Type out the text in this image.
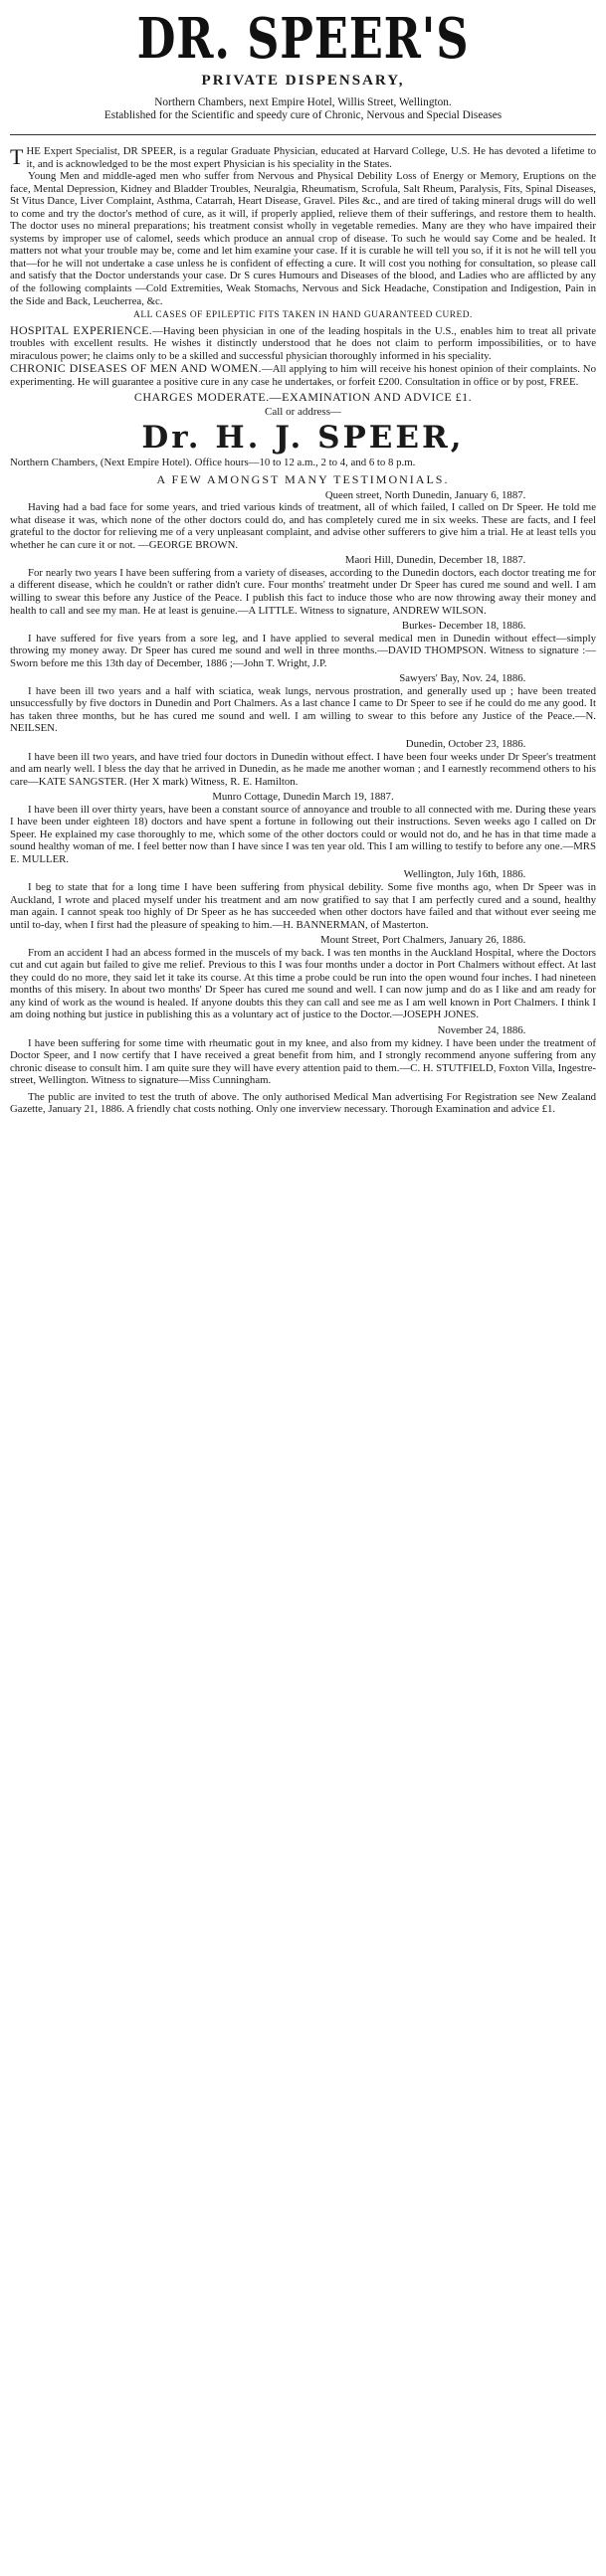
DR. SPEER'S
PRIVATE DISPENSARY,
Northern Chambers, next Empire Hotel, Willis Street, Wellington.
Established for the Scientific and speedy cure of Chronic, Nervous and Special Diseases

THE Expert Specialist, DR SPEER, is a regular Graduate Physician, educated at Harvard College, U.S. He has devoted a lifetime to it, and is acknowledged to be the most expert Physician is his speciality in the States.

Young Men and middle-aged men who suffer from Nervous and Physical Debility Loss of Energy or Memory, Eruptions on the face, Mental Depression, Kidney and Bladder Troubles, Neuralgia, Rheumatism, Scrofula, Salt Rheum, Paralysis, Fits, Spinal Diseases, St Vitus Dance, Liver Complaint, Asthma, Catarrah, Heart Disease, Gravel. Piles &c., and are tired of taking mineral drugs will do well to come and try the doctor's method of cure, as it will, if properly applied, relieve them of their sufferings, and restore them to health. The doctor uses no mineral preparations; his treatment consist wholly in vegetable remedies. Many are they who have impaired their systems by improper use of calomel, seeds which produce an annual crop of disease. To such he would say Come and be healed. It matters not what your trouble may be, come and let him examine your case. If it is curable he will tell you so, if it is not he will tell you that—for he will not undertake a case unless he is confident of effecting a cure. It will cost you nothing for consultation, so please call and satisfy that the Doctor understands your case. Dr S cures Humours and Diseases of the blood, and Ladies who are afflicted by any of the following complaints —Cold Extremities, Weak Stomachs, Nervous and Sick Headache, Constipation and Indigestion, Pain in the Side and Back, Leucherrea, &c.

ALL CASES OF EPILEPTIC FITS TAKEN IN HAND GUARANTEED CURED.

HOSPITAL EXPERIENCE.—Having been physician in one of the leading hospitals in the U.S., enables him to treat all private troubles with excellent results. He wishes it distinctly understood that he does not claim to perform impossibilities, or to have miraculous power; he claims only to be a skilled and successful physician thoroughly informed in his speciality.

CHRONIC DISEASES OF MEN AND WOMEN.—All applying to him will receive his honest opinion of their complaints. No experimenting. He will guarantee a positive cure in any case he undertakes, or forfeit £200. Consultation in office or by post, FREE.

CHARGES MODERATE.—EXAMINATION AND ADVICE £1.

Call or address—

Dr. H. J. SPEER,

Northern Chambers, (Next Empire Hotel). Office hours—10 to 12 a.m., 2 to 4, and 6 to 8 p.m.

A FEW AMONGST MANY TESTIMONIALS.

Queen street, North Dunedin, January 6, 1887.

Having had a bad face for some years, and tried various kinds of treatment, all of which failed, I called on Dr Speer. He told me what disease it was, which none of the other doctors could do, and has completely cured me in six weeks. These are facts, and I feel grateful to the doctor for relieving me of a very unpleasant complaint, and advise other sufferers to give him a trial. He at least tells you whether he can cure it or not. —GEORGE BROWN.

Maori Hill, Dunedin, December 18, 1887.

For nearly two years I have been suffering from a variety of diseases, according to the Dunedin doctors, each doctor treating me for a different disease, which he couldn't or rather didn't cure. Four months' treatmeht under Dr Speer has cured me sound and well. I am willing to swear this before any Justice of the Peace. I publish this fact to induce those who are now throwing away their money and health to call and see my man. He at least is genuine.—A LITTLE. Witness to signature, ANDREW WILSON.

Burkes- December 18, 1886.

I have suffered for five years from a sore leg, and I have applied to several medical men in Dunedin without effect—simply throwing my money away. Dr Speer has cured me sound and well in three months.—DAVID THOMPSON. Witness to signature :—Sworn before me this 13th day of December, 1886 ;—John T. Wright, J.P.

Sawyers' Bay, Nov. 24, 1886.

I have been ill two years and a half with sciatica, weak lungs, nervous prostration, and generally used up ; have been treated unsuccessfully by five doctors in Dunedin and Port Chalmers. As a last chance I came to Dr Speer to see if he could do me any good. It has taken three months, but he has cured me sound and well. I am willing to swear to this before any Justice of the Peace.—N. NEILSEN.

Dunedin, October 23, 1886.

I have been ill two years, and have tried four doctors in Dunedin without effect. I have been four weeks under Dr Speer's treatment and am nearly well. I bless the day that he arrived in Dunedin, as he made me another woman ; and I earnestly recommend others to his care—KATE SANGSTER. (Her X mark) Witness, R. E. Hamilton.

Munro Cottage, Dunedin March 19, 1887.

I have been ill over thirty years, have been a constant source of annoyance and trouble to all connected with me. During these years I have been under eighteen 18) doctors and have spent a fortune in following out their instructions. Seven weeks ago I called on Dr Speer. He explained my case thoroughly to me, which some of the other doctors could or would not do, and he has in that time made a sound healthy woman of me. I feel better now than I have since I was ten year old. This I am willing to testify to before any one.—MRS E. MULLER.

Wellington, July 16th, 1886.

I beg to state that for a long time I have been suffering from physical debility. Some five months ago, when Dr Speer was in Auckland, I wrote and placed myself under his treatment and am now gratified to say that I am perfectly cured and a sound, healthy man again. I cannot speak too highly of Dr Speer as he has succeeded when other doctors have failed and that without ever seeing me until to-day, when I first had the pleasure of speaking to him.—H. BANNERMAN, of Masterton.

Mount Street, Port Chalmers, January 26, 1886.

From an accident I had an abcess formed in the muscels of my back. I was ten months in the Auckland Hospital, where the Doctors cut and cut again but failed to give me relief. Previous to this I was four months under a doctor in Port Chalmers without effect. At last they could do no more, they said let it take its course. At this time a probe could be run into the open wound four inches. I had nineteen months of this misery. In about two months' Dr Speer has cured me sound and well. I can now jump and do as I like and am ready for any kind of work as the wound is healed. If anyone doubts this they can call and see me as I am well known in Port Chalmers. I think I am doing nothing but justice in publishing this as a voluntary act of justice to the Doctor.—JOSEPH JONES.

November 24, 1886.

I have been suffering for some time with rheumatic gout in my knee, and also from my kidney. I have been under the treatment of Doctor Speer, and I now certify that I have received a great benefit from him, and I strongly recommend anyone suffering from any chronic disease to consult him. I am quite sure they will have every attention paid to them.—C. H. STUTFIELD, Foxton Villa, Ingestre-street, Wellington. Witness to signature—Miss Cunningham.

The public are invited to test the truth of above. The only authorised Medical Man advertising For Registration see New Zealand Gazette, January 21, 1886. A friendly chat costs nothing. Only one inverview necessary. Thorough Examination and advice £1.
